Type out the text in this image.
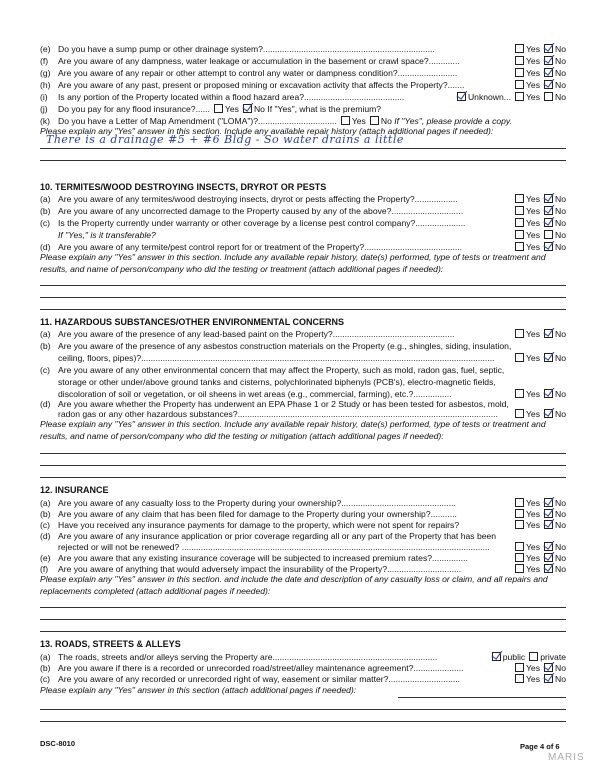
(e) Do you have a sump pump or other drainage system?........................................................................	Yes No
(f) Are you aware of any dampness, water leakage or accumulation in the basement or crawl space?.............	Yes No
(g) Are you aware of any repair or other attempt to control any water or dampness condition?.........................	Yes No
(h) Are you aware of any past, present or proposed mining or excavation activity that affects the Property?.......	Yes No
(i) Is any portion of the Property located within a flood hazard area?..........................................	Unknown... Yes No
(j) Do you pay for any flood insurance?...... Yes No If "Yes", what is the premium?
(k) Do you have a Letter of Map Amendment ("LOMA")?................................. Yes No If "Yes", please provide a copy.
Please explain any "Yes" answer in this section. Include any available repair history (attach additional pages if needed):
There is a drainage #5 + #6 Bldg - So water drains a little
10. TERMITES/WOOD DESTROYING INSECTS, DRYROT OR PESTS
(a) Are you aware of any termites/wood destroying insects, dryrot or pests affecting the Property?..................	Yes No
(b) Are you aware of any uncorrected damage to the Property caused by any of the above?..............................	Yes No
(c) Is the Property currently under warranty or other coverage by a license pest control company?.....................	Yes No
If "Yes," is it transferable?	Yes No
(d) Are you aware of any termite/pest control report for or treatment of the Property?.........................................	Yes No
Please explain any "Yes" answer in this section. Include any available repair history, date(s) performed, type of tests or treatment and results, and name of person/company who did the testing or treatment (attach additional pages if needed):
11. HAZARDOUS SUBSTANCES/OTHER ENVIRONMENTAL CONCERNS
(a) Are you aware of the presence of any lead-based paint on the Property?...................................................	Yes No
(b) Are you aware of the presence of any asbestos construction materials on the Property (e.g., shingles, siding, insulation,
ceiling, floors, pipes)?....................................................................................................................................................	Yes No
(c) Are you aware of any other environmental concern that may affect the Property, such as mold, radon gas, fuel, septic,
storage or other under/above ground tanks and cisterns, polychlorinated biphenyls (PCB's), electro-magnetic fields,
discoloration of soil or vegetation, or oil sheens in wet areas (e.g., commercial, farming), etc.?................	Yes No
(d) Are you aware whether the Property has underwent an EPA Phase 1 or 2 Study or has been tested for asbestos, mold,
radon gas or any other hazardous substances?.............................................................................................................	Yes No
Please explain any "Yes" answer in this section. Include any available repair history, date(s) performed, type of tests or treatment and results, and name of person/company who did the testing or mitigation (attach additional pages if needed):
12. INSURANCE
(a) Are you aware of any casualty loss to the Property during your ownership?................................................	Yes No
(b) Are you aware of any claim that has been filed for damage to the Property during your ownership?...........	Yes No
(c) Have you received any insurance payments for damage to the property, which were not spent for repairs?	Yes No
(d) Are you aware of any insurance application or prior coverage regarding all or any part of the Property that has been
rejected or will not be renewed? .................................................................................................................................	Yes No
(e) Are you aware that any existing insurance coverage will be subjected to increased premium rates?...............	Yes No
(f) Are you aware of anything that would adversely impact the insurability of the Property?...............................	Yes No
Please explain any "Yes" answer in this section. and include the date and description of any casualty loss or claim, and all repairs and replacements completed (attach additional pages if needed):
13. ROADS, STREETS & ALLEYS
(a) The roads, streets and/or alleys serving the Property are.....................................................................	public private
(b) Are you aware if there is a recorded or unrecorded road/street/alley maintenance agreement?.....................	Yes No
(c) Are you aware of any recorded or unrecorded right of way, easement or similar matter?..............................	Yes No
Please explain any "Yes" answer in this section (attach additional pages if needed):
DSC-8010	Page 4 of 6
MARIS
